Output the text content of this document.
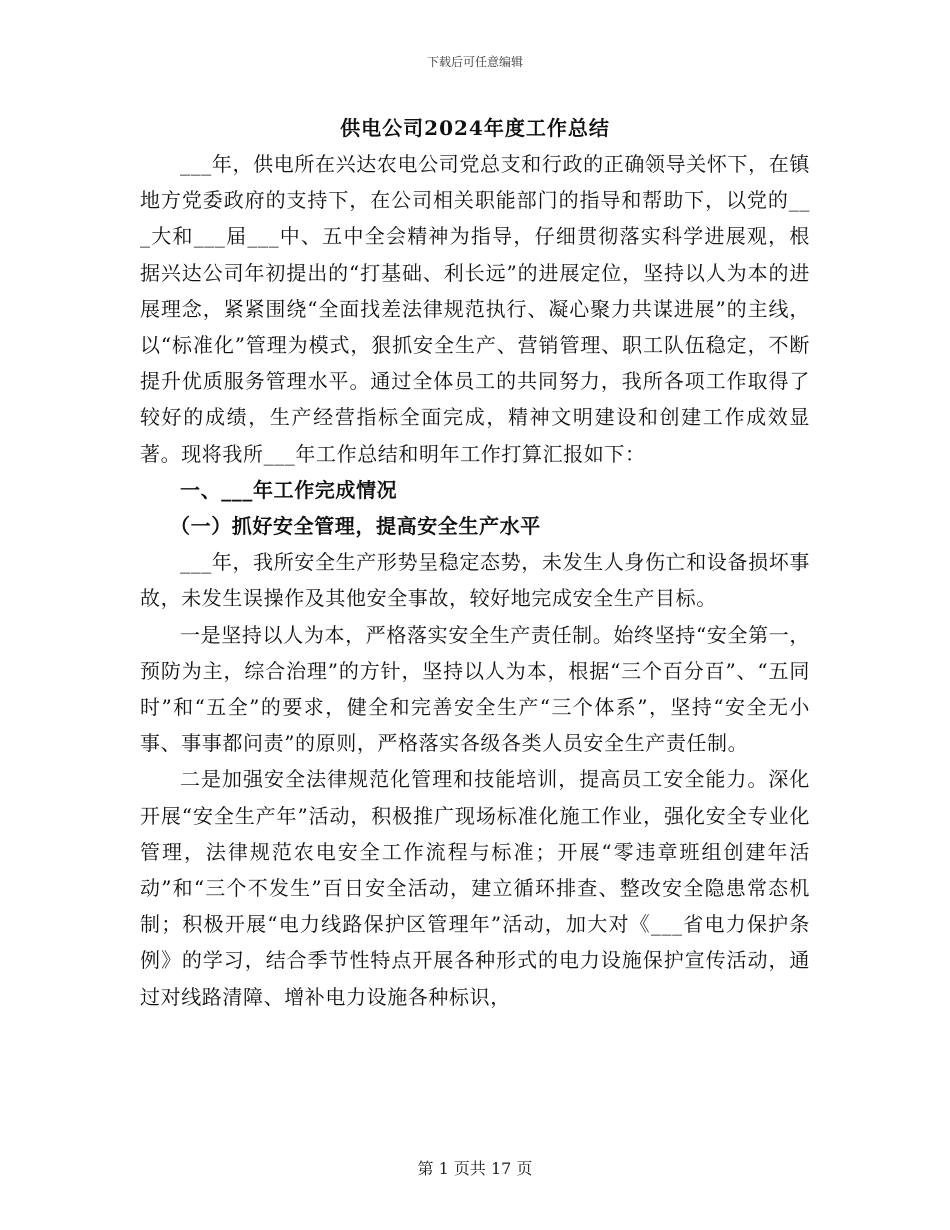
下载后可任意编辑

供电公司2024年度工作总结

___年，供电所在兴达农电公司党总支和行政的正确领导关怀下，在镇地方党委政府的支持下，在公司相关职能部门的指导和帮助下，以党的___大和___届___中、五中全会精神为指导，仔细贯彻落实科学进展观，根据兴达公司年初提出的“打基础、利长远”的进展定位，坚持以人为本的进展理念，紧紧围绕“全面找差法律规范执行、凝心聚力共谋进展”的主线，以“标准化”管理为模式，狠抓安全生产、营销管理、职工队伍稳定，不断提升优质服务管理水平。通过全体员工的共同努力，我所各项工作取得了较好的成绩，生产经营指标全面完成，精神文明建设和创建工作成效显著。现将我所___年工作总结和明年工作打算汇报如下：

一、___年工作完成情况

（一）抓好安全管理，提高安全生产水平

___年，我所安全生产形势呈稳定态势，未发生人身伤亡和设备损坏事故，未发生误操作及其他安全事故，较好地完成安全生产目标。

一是坚持以人为本，严格落实安全生产责任制。始终坚持“安全第一，预防为主，综合治理”的方针，坚持以人为本，根据“三个百分百”、“五同时”和“五全”的要求，健全和完善安全生产“三个体系”，坚持“安全无小事、事事都问责”的原则，严格落实各级各类人员安全生产责任制。

二是加强安全法律规范化管理和技能培训，提高员工安全能力。深化开展“安全生产年”活动，积极推广现场标准化施工作业，强化安全专业化管理，法律规范农电安全工作流程与标准；开展“零违章班组创建年活动”和“三个不发生”百日安全活动，建立循环排查、整改安全隐患常态机制；积极开展“电力线路保护区管理年”活动，加大对《___省电力保护条例》的学习，结合季节性特点开展各种形式的电力设施保护宣传活动，通过对线路清障、增补电力设施各种标识，

第 1 页共 17 页
